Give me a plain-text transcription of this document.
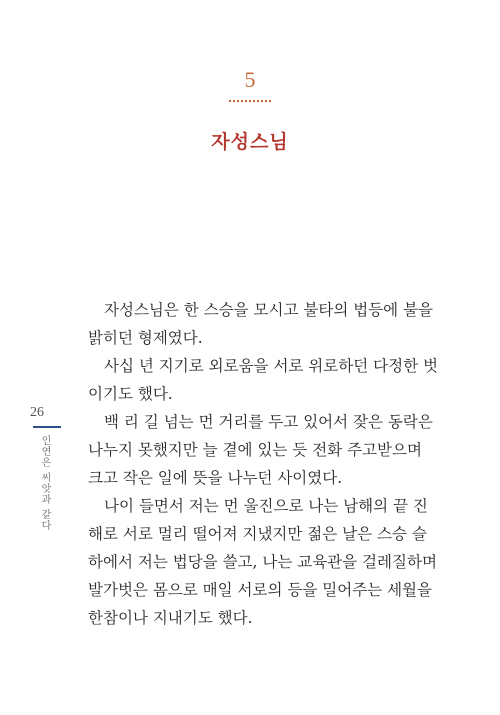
5
자성스님
26
인연은 씨앗과 같다
자성스님은 한 스승을 모시고 불타의 법등에 불을
밝히던 형제였다.
사십 년 지기로 외로움을 서로 위로하던 다정한 벗
이기도 했다.
백 리 길 넘는 먼 거리를 두고 있어서 잦은 동락은
나누지 못했지만 늘 곁에 있는 듯 전화 주고받으며
크고 작은 일에 뜻을 나누던 사이였다.
나이 들면서 저는 먼 울진으로 나는 남해의 끝 진
해로 서로 멀리 떨어져 지냈지만 젊은 날은 스승 슬
하에서 저는 법당을 쓸고, 나는 교육관을 걸레질하며
발가벗은 몸으로 매일 서로의 등을 밀어주는 세월을
한참이나 지내기도 했다.
